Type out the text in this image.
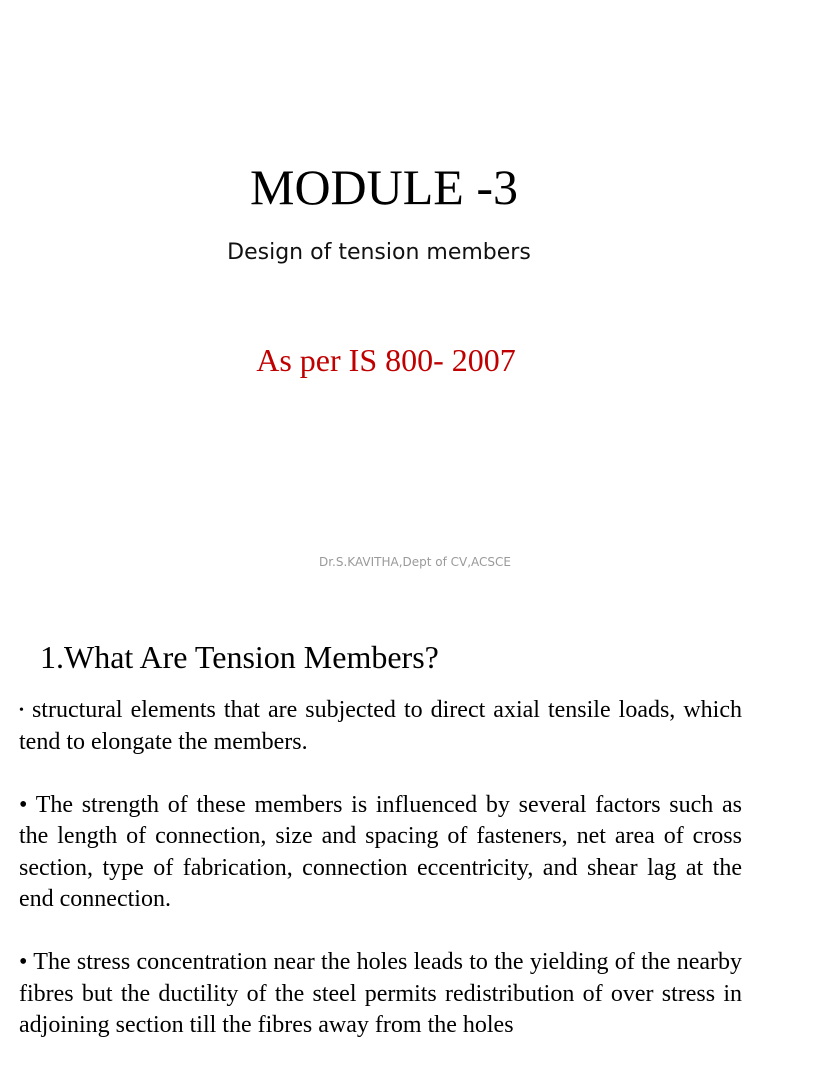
MODULE -3
Design of tension members
As per IS 800- 2007
Dr.S.KAVITHA,Dept of CV,ACSCE
1.What Are Tension Members?

• structural elements that are subjected to direct axial tensile loads, which tend to elongate the members.

• The strength of these members is influenced by several factors such as the length of connection, size and spacing of fasteners, net area of cross section, type of fabrication, connection eccentricity, and shear lag at the end connection.

• The stress concentration near the holes leads to the yielding of the nearby fibres but the ductility of the steel permits redistribution of over stress in adjoining section till the fibres away from the holes
